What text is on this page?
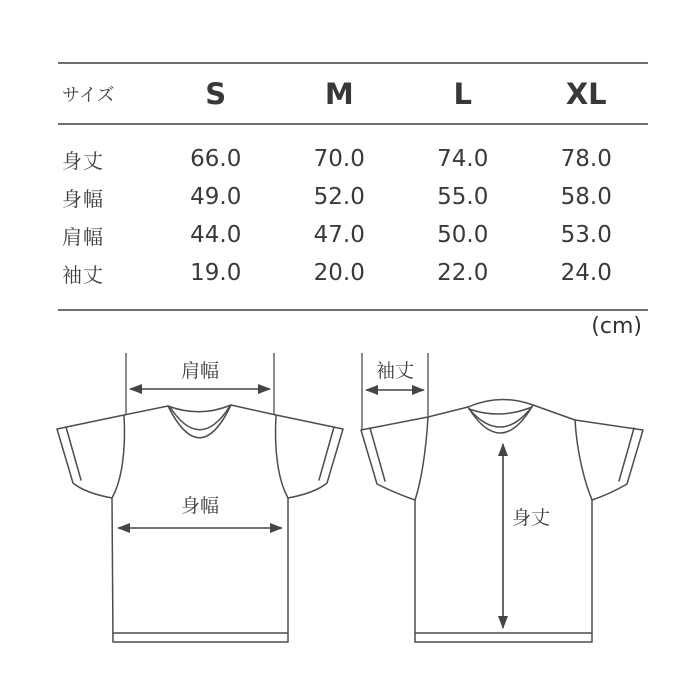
サイズ	S	M	L	XL
身丈	66.0	70.0	74.0	78.0
身幅	49.0	52.0	55.0	58.0
肩幅	44.0	47.0	50.0	53.0
袖丈	19.0	20.0	22.0	24.0
(cm)
肩幅
身幅
袖丈
身丈
